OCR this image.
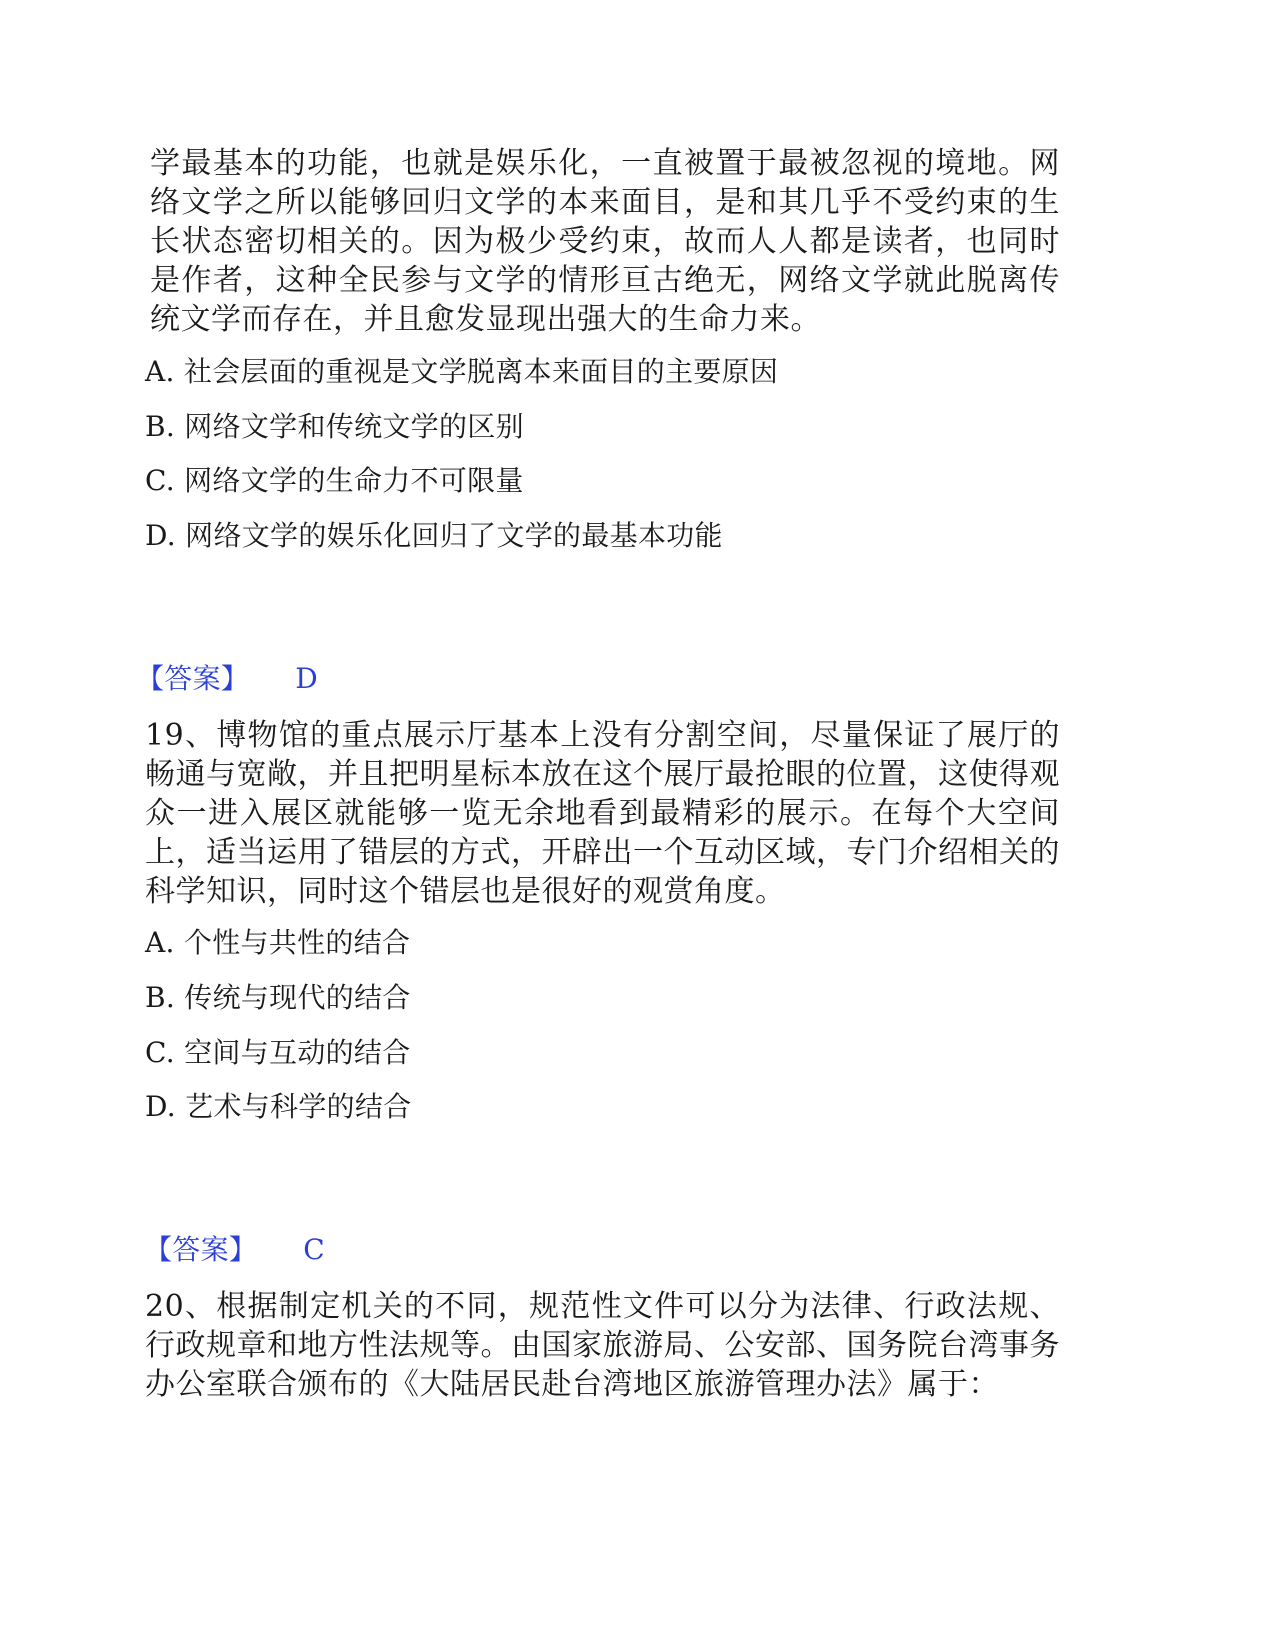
学最基本的功能，也就是娱乐化，一直被置于最被忽视的境地。网络文学之所以能够回归文学的本来面目，是和其几乎不受约束的生长状态密切相关的。因为极少受约束，故而人人都是读者，也同时是作者，这种全民参与文学的情形亘古绝无，网络文学就此脱离传统文学而存在，并且愈发显现出强大的生命力来。

A. 社会层面的重视是文学脱离本来面目的主要原因

B. 网络文学和传统文学的区别

C. 网络文学的生命力不可限量

D. 网络文学的娱乐化回归了文学的最基本功能

【答案】 D

19、博物馆的重点展示厅基本上没有分割空间，尽量保证了展厅的畅通与宽敞，并且把明星标本放在这个展厅最抢眼的位置，这使得观众一进入展区就能够一览无余地看到最精彩的展示。在每个大空间上，适当运用了错层的方式，开辟出一个互动区域，专门介绍相关的科学知识，同时这个错层也是很好的观赏角度。

A. 个性与共性的结合

B. 传统与现代的结合

C. 空间与互动的结合

D. 艺术与科学的结合

【答案】 C

20、根据制定机关的不同，规范性文件可以分为法律、行政法规、行政规章和地方性法规等。由国家旅游局、公安部、国务院台湾事务办公室联合颁布的《大陆居民赴台湾地区旅游管理办法》属于：
